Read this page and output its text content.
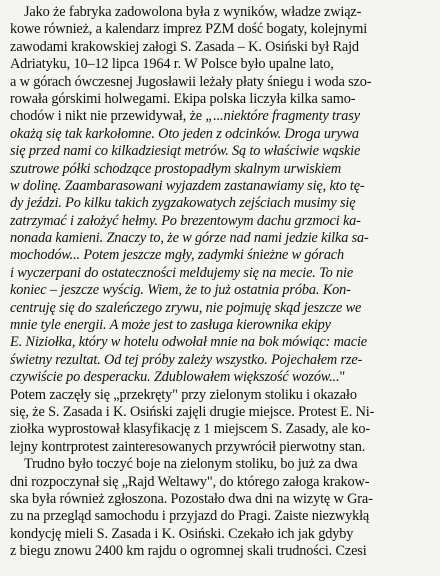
Jako że fabryka zadowolona była z wyników, władze związ-
kowe również, a kalendarz imprez PZM dość bogaty, kolejnymi
zawodami krakowskiej załogi S. Zasada – K. Osiński był Rajd
Adriatyku, 10–12 lipca 1964 r. W Polsce było upalne lato,
a w górach ówczesnej Jugosławii leżały płaty śniegu i woda szo-
rowała górskimi holwegami. Ekipa polska liczyła kilka samo-
chodów i nikt nie przewidywał, że „...niektóre fragmenty trasy
okażą się tak karkołomne. Oto jeden z odcinków. Droga urywa
się przed nami co kilkadziesiąt metrów. Są to właściwie wąskie
szutrowe półki schodzące prostopadłym skalnym urwiskiem
w dolinę. Zaambarasowani wyjazdem zastanawiamy się, kto tę-
dy jeździ. Po kilku takich zygzakowatych zejściach musimy się
zatrzymać i założyć hełmy. Po brezentowym dachu grzmoci ka-
nonada kamieni. Znaczy to, że w górze nad nami jedzie kilka sa-
mochodów... Potem jeszcze mgły, zadymki śnieżne w górach
i wyczerpani do ostateczności meldujemy się na mecie. To nie
koniec – jeszcze wyścig. Wiem, że to już ostatnia próba. Kon-
centruję się do szaleńczego zrywu, nie pojmuję skąd jeszcze we
mnie tyle energii. A może jest to zasługa kierownika ekipy
E. Niziołka, który w hotelu odwołał mnie na bok mówiąc: macie
świetny rezultat. Od tej próby zależy wszystko. Pojechałem rze-
czywiście po desperacku. Zdublowałem większość wozów..."
Potem zaczęły się „przekręty" przy zielonym stoliku i okazało
się, że S. Zasada i K. Osiński zajęli drugie miejsce. Protest E. Ni-
ziołka wyprostował klasyfikację z 1 miejscem S. Zasady, ale ko-
lejny kontrprotest zainteresowanych przywrócił pierwotny stan.
Trudno było toczyć boje na zielonym stoliku, bo już za dwa
dni rozpoczynał się „Rajd Weltawy", do którego załoga krakow-
ska była również zgłoszona. Pozostało dwa dni na wizytę w Gra-
zu na przegląd samochodu i przyjazd do Pragi. Zaiste niezwykłą
kondycję mieli S. Zasada i K. Osiński. Czekało ich jak gdyby
z biegu znowu 2400 km rajdu o ogromnej skali trudności. Czesi
